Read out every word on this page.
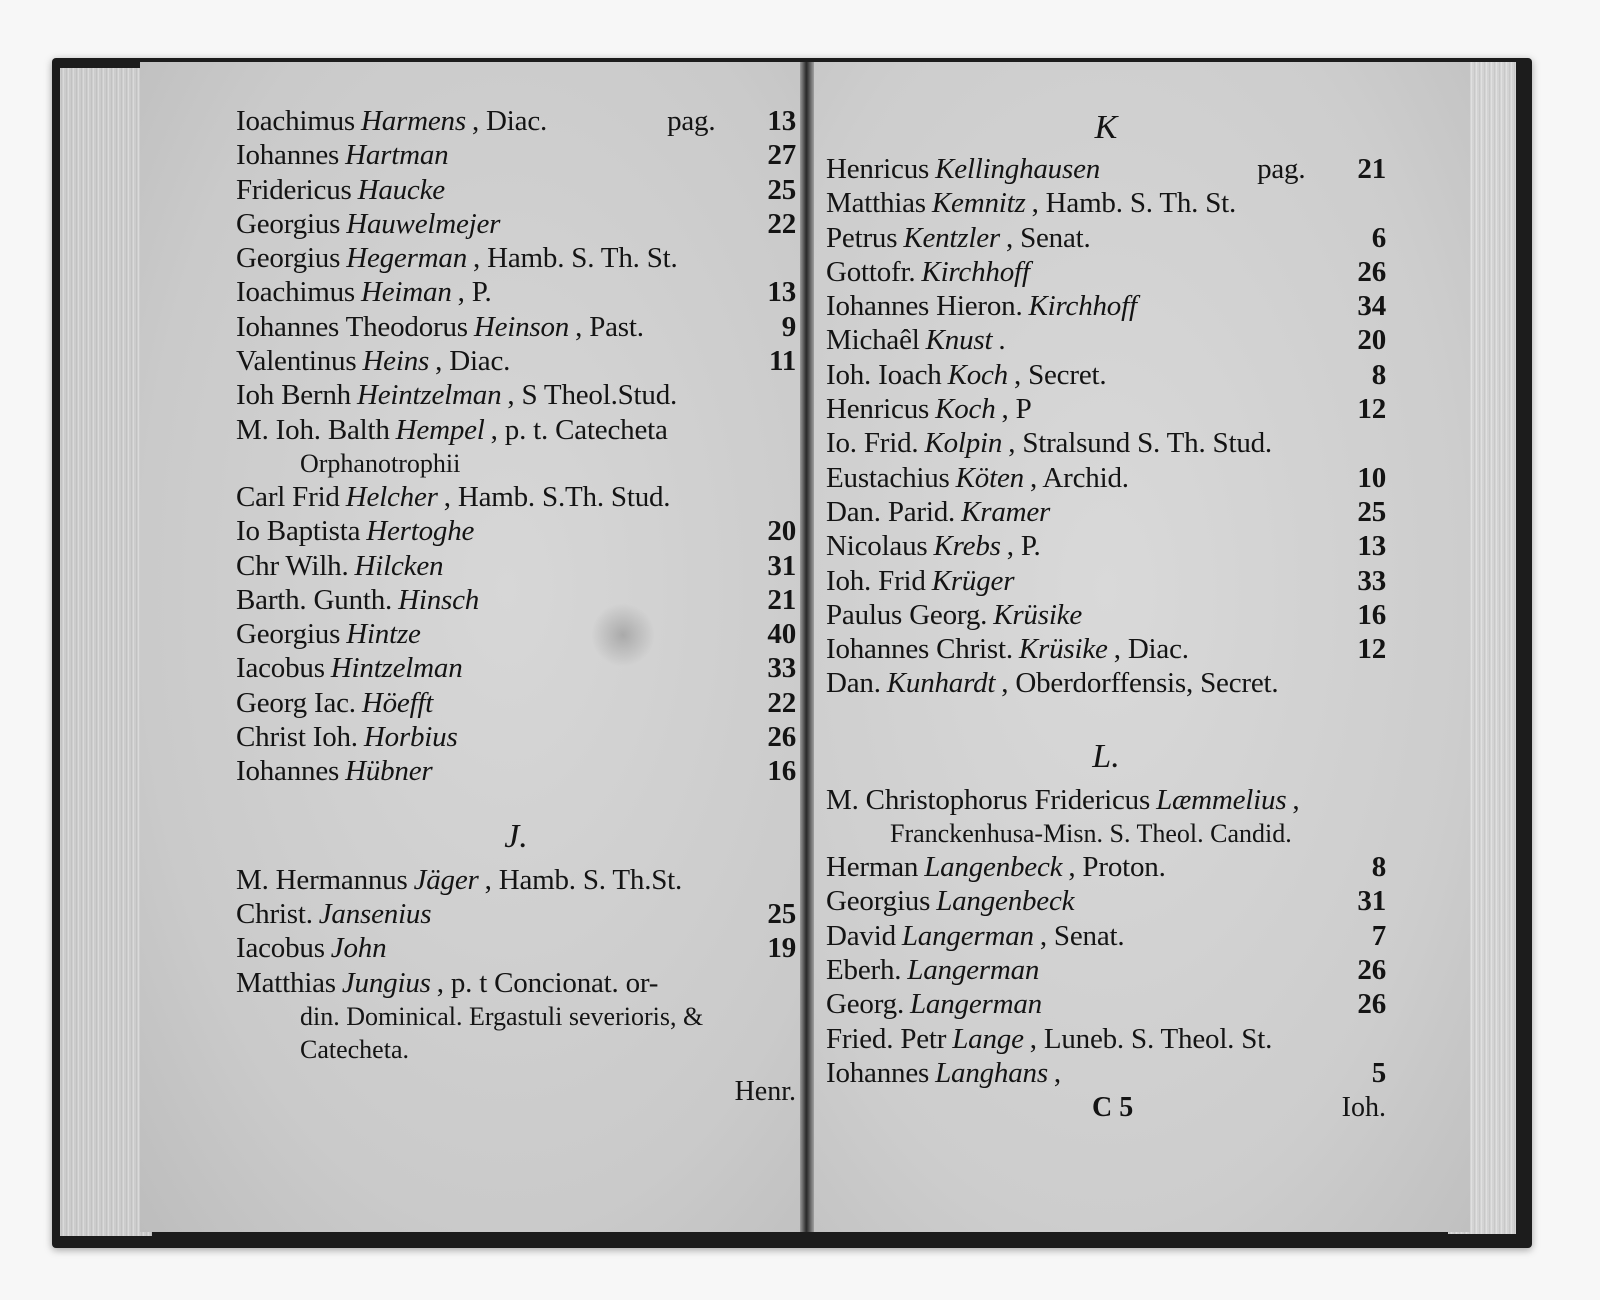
Ioachimus Harmens , Diac.	pag. 13
Iohannes Hartman	27
Fridericus Haucke	25
Georgius Hauwelmejer	22
Georgius Hegerman , Hamb. S. Th. St.
Ioachimus Heiman , P.	13
Iohannes Theodorus Heinson , Past.	9
Valentinus Heins , Diac.	11
Ioh Bernh Heintzelman , S Theol.Stud.
M. Ioh. Balth Hempel , p. t. Catecheta
Orphanotrophii
Carl Frid Helcher , Hamb. S.Th. Stud.
Io Baptista Hertoghe	20
Chr Wilh. Hilcken	31
Barth. Gunth. Hinsch	21
Georgius Hintze	40
Iacobus Hintzelman	33
Georg Iac. Höefft	22
Christ Ioh. Horbius	26
Iohannes Hübner	16
J.
M. Hermannus Jäger , Hamb. S. Th.St.
Christ. Jansenius	25
Iacobus John	19
Matthias Jungius , p. t Concionat. or-
din. Dominical. Ergastuli severioris, &
Catecheta.
Henr.
K
Henricus Kellinghausen	pag. 21
Matthias Kemnitz , Hamb. S. Th. St.
Petrus Kentzler , Senat.	6
Gottofr. Kirchhoff	26
Iohannes Hieron. Kirchhoff	34
Michaêl Knust .	20
Ioh. Ioach Koch , Secret.	8
Henricus Koch , P	12
Io. Frid. Kolpin , Stralsund S. Th. Stud.
Eustachius Köten , Archid.	10
Dan. Parid. Kramer	25
Nicolaus Krebs , P.	13
Ioh. Frid Krüger	33
Paulus Georg. Krüsike	16
Iohannes Christ. Krüsike , Diac.	12
Dan. Kunhardt , Oberdorffensis, Secret.
L.
M. Christophorus Fridericus Læmmelius ,
Franckenhusa-Misn. S. Theol. Candid.
Herman Langenbeck , Proton.	8
Georgius Langenbeck	31
David Langerman , Senat.	7
Eberh. Langerman	26
Georg. Langerman	26
Fried. Petr Lange , Luneb. S. Theol. St.
Iohannes Langhans ,	5
C 5	Ioh.
